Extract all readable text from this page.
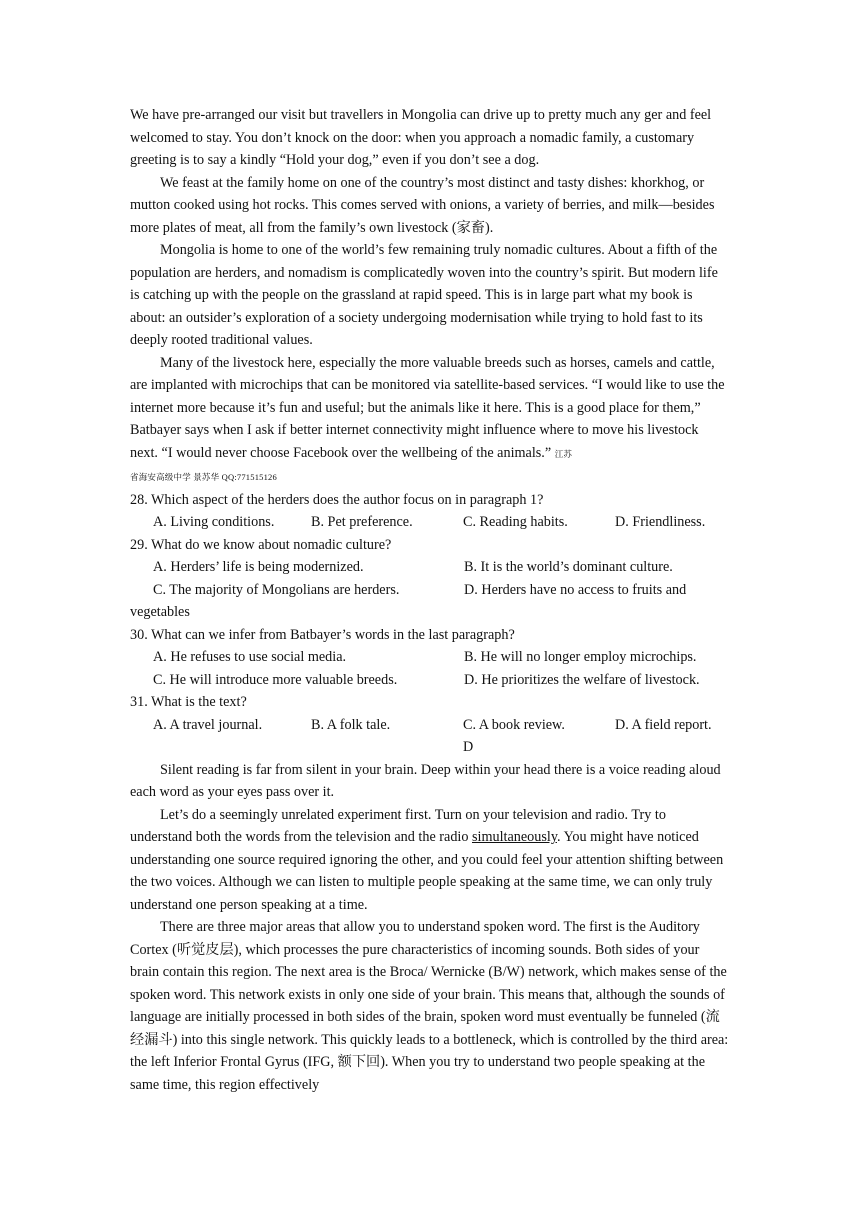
We have pre-arranged our visit but travellers in Mongolia can drive up to pretty much any ger and feel welcomed to stay. You don’t knock on the door: when you approach a nomadic family, a customary greeting is to say a kindly “Hold your dog,” even if you don’t see a dog.

We feast at the family home on one of the country’s most distinct and tasty dishes: khorkhog, or mutton cooked using hot rocks. This comes served with onions, a variety of berries, and milk—besides more plates of meat, all from the family’s own livestock (家畜).

Mongolia is home to one of the world’s few remaining truly nomadic cultures. About a fifth of the population are herders, and nomadism is complicatedly woven into the country’s spirit. But modern life is catching up with the people on the grassland at rapid speed. This is in large part what my book is about: an outsider’s exploration of a society undergoing modernisation while trying to hold fast to its deeply rooted traditional values.

Many of the livestock here, especially the more valuable breeds such as horses, camels and cattle, are implanted with microchips that can be monitored via satellite-based services. “I would like to use the internet more because it’s fun and useful; but the animals like it here. This is a good place for them,” Batbayer says when I ask if better internet connectivity might influence where to move his livestock next. “I would never choose Facebook over the wellbeing of the animals.” 江苏
省海安高级中学 景苏华 QQ:771515126

28. Which aspect of the herders does the author focus on in paragraph 1?

A. Living conditions.	B. Pet preference.	C. Reading habits.	D. Friendliness.

29. What do we know about nomadic culture?

A. Herders’ life is being modernized.	B. It is the world’s dominant culture.
C. The majority of Mongolians are herders.	D. Herders have no access to fruits and

vegetables

30. What can we infer from Batbayer’s words in the last paragraph?

A. He refuses to use social media.	B. He will no longer employ microchips.
C. He will introduce more valuable breeds.	D. He prioritizes the welfare of livestock.

31. What is the text?

A. A travel journal.	B. A folk tale.	C. A book review.	D. A field report.

D

Silent reading is far from silent in your brain. Deep within your head there is a voice reading aloud each word as your eyes pass over it.

Let’s do a seemingly unrelated experiment first. Turn on your television and radio. Try to understand both the words from the television and the radio simultaneously. You might have noticed understanding one source required ignoring the other, and you could feel your attention shifting between the two voices. Although we can listen to multiple people speaking at the same time, we can only truly understand one person speaking at a time.

There are three major areas that allow you to understand spoken word. The first is the Auditory Cortex (听觉皮层), which processes the pure characteristics of incoming sounds. Both sides of your brain contain this region. The next area is the Broca/ Wernicke (B/W) network, which makes sense of the spoken word. This network exists in only one side of your brain. This means that, although the sounds of language are initially processed in both sides of the brain, spoken word must eventually be funneled (流经漏斗) into this single network. This quickly leads to a bottleneck, which is controlled by the third area: the left Inferior Frontal Gyrus (IFG, 额下回). When you try to understand two people speaking at the same time, this region effectively
